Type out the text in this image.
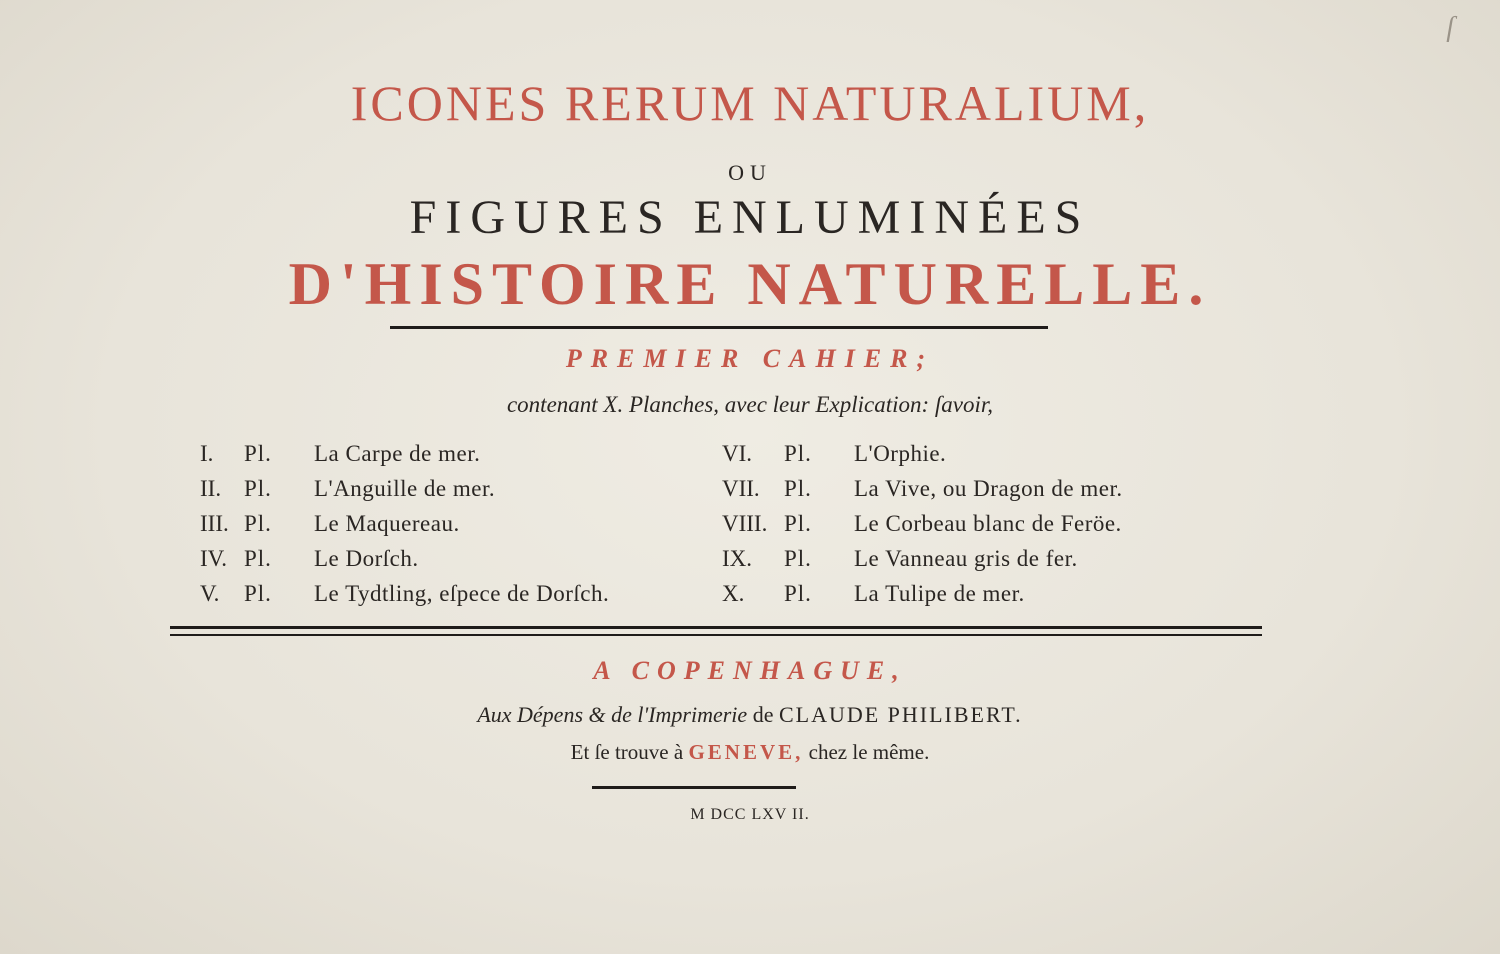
ſ
ICONES RERUM NATURALIUM,
OU
FIGURES ENLUMINÉES
D'HISTOIRE NATURELLE.
PREMIER CAHIER;
contenant X. Planches, avec leur Explication: ſavoir,
I.	Pl.	La Carpe de mer.
II. Pl.	L'Anguille de mer.
III. Pl.	Le Maquereau.
IV. Pl.	Le Dorſch.
V.	Pl.	Le Tydtling, eſpece de Dorſch.
VI.	Pl.	L'Orphie.
VII.	Pl.	La Vive, ou Dragon de mer.
VIII. Pl.	Le Corbeau blanc de Feröe.
IX.	Pl.	Le Vanneau gris de fer.
X.	Pl.	La Tulipe de mer.
A COPENHAGUE,
Aux Dépens & de l'Imprimerie de CLAUDE PHILIBERT.
Et ſe trouve à GENEVE, chez le même.
M DCC LXV II.
